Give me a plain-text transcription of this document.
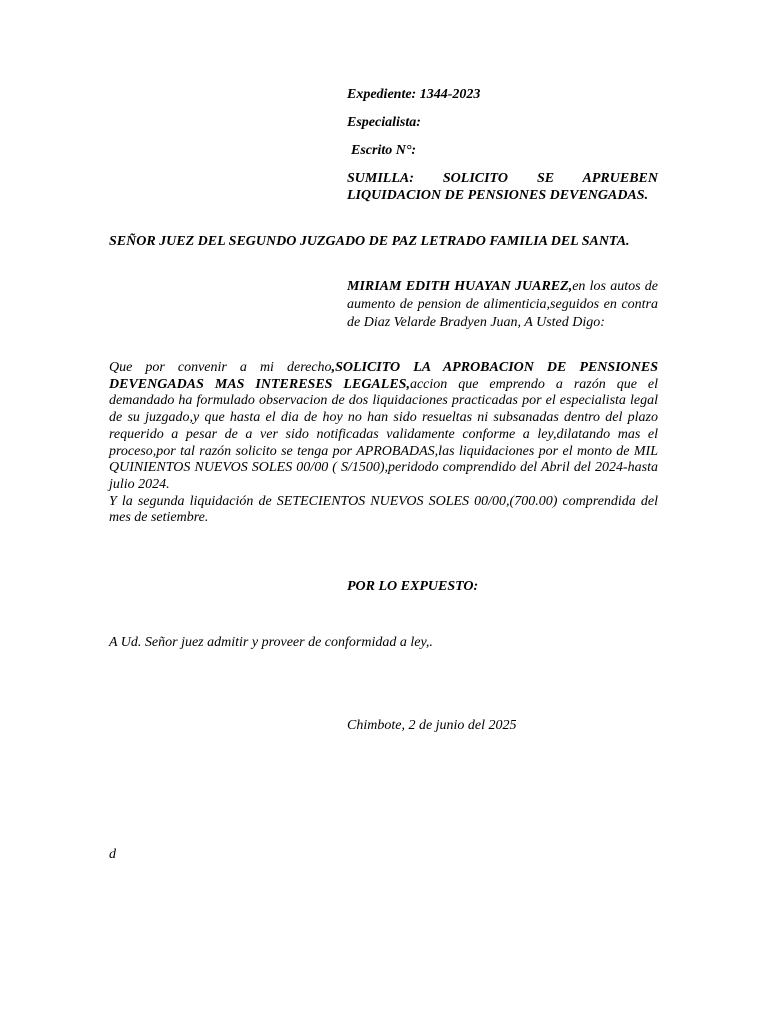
Expediente: 1344-2023

Especialista:

Escrito N°:

SUMILLA: SOLICITO SE APRUEBEN LIQUIDACION DE PENSIONES DEVENGADAS.

SEÑOR JUEZ DEL SEGUNDO JUZGADO DE PAZ LETRADO FAMILIA DEL SANTA.

MIRIAM EDITH HUAYAN JUAREZ,en los autos de aumento de pension de alimenticia,seguidos en contra de Diaz Velarde Bradyen Juan, A Usted Digo:

Que por convenir a mi derecho,SOLICITO LA APROBACION DE PENSIONES DEVENGADAS MAS INTERESES LEGALES,accion que emprendo a razón que el demandado ha formulado observacion de dos liquidaciones practicadas por el especialista legal de su juzgado,y que hasta el dia de hoy no han sido resueltas ni subsanadas dentro del plazo requerido a pesar de a ver sido notificadas validamente conforme a ley,dilatando mas el proceso,por tal razón solicito se tenga por APROBADAS,las liquidaciones por el monto de MIL QUINIENTOS NUEVOS SOLES 00/00 ( S/1500),peridodo comprendido del Abril del 2024-hasta julio 2024.
Y la segunda liquidación de SETECIENTOS NUEVOS SOLES 00/00,(700.00) comprendida del mes de setiembre.

POR LO EXPUESTO:

A Ud. Señor juez admitir y proveer de conformidad a ley,.

Chimbote, 2 de junio del 2025

d
